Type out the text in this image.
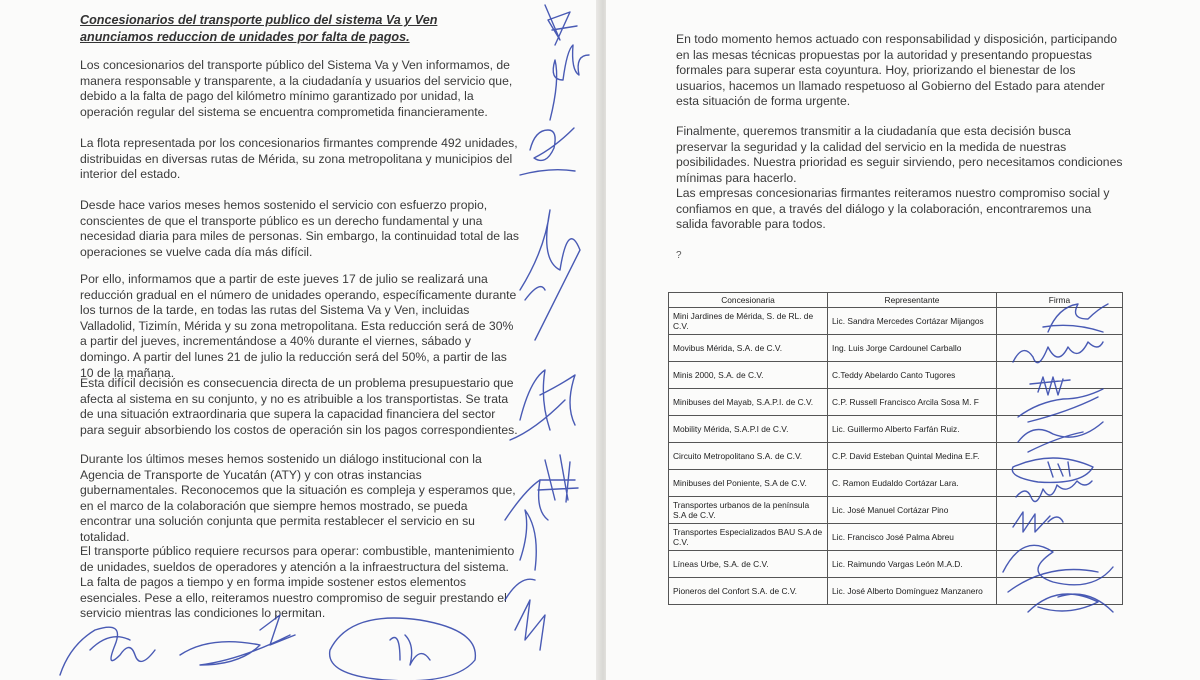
Concesionarios del transporte publico del sistema Va y Ven anunciamos reduccion de unidades por falta de pagos.
Los concesionarios del transporte público del Sistema Va y Ven informamos, de manera responsable y transparente, a la ciudadanía y usuarios del servicio que, debido a la falta de pago del kilómetro mínimo garantizado por unidad, la operación regular del sistema se encuentra comprometida financieramente.
La flota representada por los concesionarios firmantes comprende 492 unidades, distribuidas en diversas rutas de Mérida, su zona metropolitana y municipios del interior del estado.
Desde hace varios meses hemos sostenido el servicio con esfuerzo propio, conscientes de que el transporte público es un derecho fundamental y una necesidad diaria para miles de personas. Sin embargo, la continuidad total de las operaciones se vuelve cada día más difícil.
Por ello, informamos que a partir de este jueves 17 de julio se realizará una reducción gradual en el número de unidades operando, específicamente durante los turnos de la tarde, en todas las rutas del Sistema Va y Ven, incluidas Valladolid, Tizimín, Mérida y su zona metropolitana. Esta reducción será de 30% a partir del jueves, incrementándose a 40% durante el viernes, sábado y domingo. A partir del lunes 21 de julio la reducción será del 50%, a partir de las 10 de la mañana.
Esta difícil decisión es consecuencia directa de un problema presupuestario que afecta al sistema en su conjunto, y no es atribuible a los transportistas. Se trata de una situación extraordinaria que supera la capacidad financiera del sector para seguir absorbiendo los costos de operación sin los pagos correspondientes.
Durante los últimos meses hemos sostenido un diálogo institucional con la Agencia de Transporte de Yucatán (ATY) y con otras instancias gubernamentales. Reconocemos que la situación es compleja y esperamos que, en el marco de la colaboración que siempre hemos mostrado, se pueda encontrar una solución conjunta que permita restablecer el servicio en su totalidad.
El transporte público requiere recursos para operar: combustible, mantenimiento de unidades, sueldos de operadores y atención a la infraestructura del sistema. La falta de pagos a tiempo y en forma impide sostener estos elementos esenciales. Pese a ello, reiteramos nuestro compromiso de seguir prestando el servicio mientras las condiciones lo permitan.
En todo momento hemos actuado con responsabilidad y disposición, participando en las mesas técnicas propuestas por la autoridad y presentando propuestas formales para superar esta coyuntura. Hoy, priorizando el bienestar de los usuarios, hacemos un llamado respetuoso al Gobierno del Estado para atender esta situación de forma urgente.
Finalmente, queremos transmitir a la ciudadanía que esta decisión busca preservar la seguridad y la calidad del servicio en la medida de nuestras posibilidades. Nuestra prioridad es seguir sirviendo, pero necesitamos condiciones mínimas para hacerlo.
Las empresas concesionarias firmantes reiteramos nuestro compromiso social y confiamos en que, a través del diálogo y la colaboración, encontraremos una salida favorable para todos.
?
Concesionaria	Representante	Firma
Mini Jardines de Mérida, S. de RL. de C.V.	Lic. Sandra Mercedes Cortázar Mijangos	
Movibus Mérida, S.A. de C.V.	Ing. Luis Jorge Cardounel Carballo	
Minis 2000, S.A. de C.V.	C.Teddy Abelardo Canto Tugores	
Minibuses del Mayab, S.A.P.I. de C.V.	C.P. Russell Francisco Arcila Sosa M. F	
Mobility Mérida, S.A.P.I de C.V.	Lic. Guillermo Alberto Farfán Ruiz.	
Circuito Metropolitano S.A. de C.V.	C.P. David Esteban Quintal Medina E.F.	
Minibuses del Poniente, S.A de C.V.	C. Ramon Eudaldo Cortázar Lara.	
Transportes urbanos de la península S.A de C.V.	Lic. José Manuel Cortázar Pino	
Transportes Especializados BAU S.A de C.V.	Lic. Francisco José Palma Abreu	
Líneas Urbe, S.A. de C.V.	Lic. Raimundo Vargas León M.A.D.	
Pioneros del Confort S.A. de C.V.	Lic. José Alberto Domínguez Manzanero	
